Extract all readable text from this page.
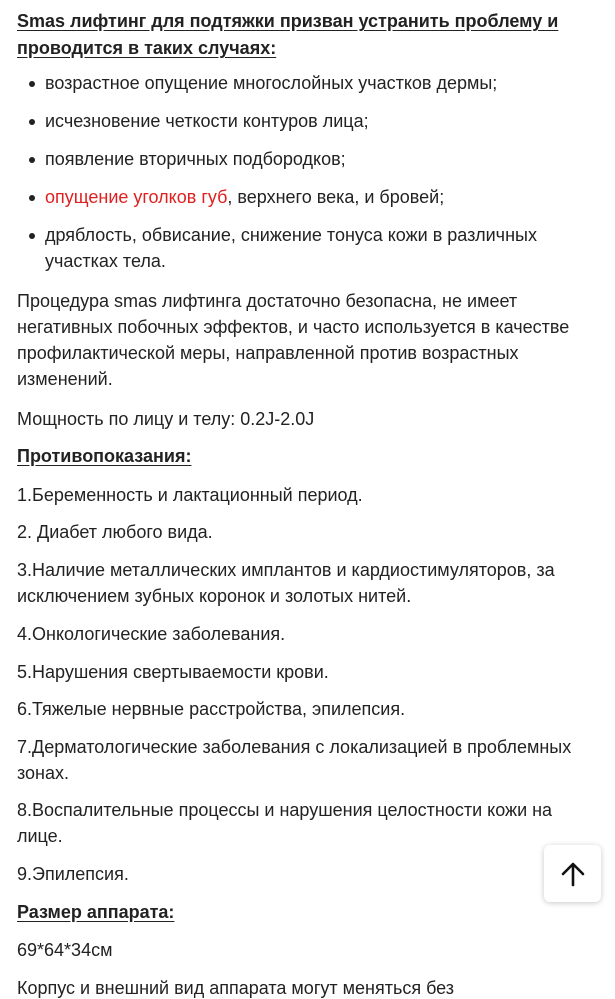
Smas лифтинг для подтяжки призван устранить проблему и проводится в таких случаях:

возрастное опущение многослойных участков дермы;
исчезновение четкости контуров лица;
появление вторичных подбородков;
опущение уголков губ, верхнего века, и бровей;
дряблость, обвисание, снижение тонуса кожи в различных участках тела.

Процедура smas лифтинга достаточно безопасна, не имеет негативных побочных эффектов, и часто используется в качестве профилактической меры, направленной против возрастных изменений.

Мощность по лицу и телу: 0.2J-2.0J

Противопоказания:

1.Беременность и лактационный период.

2. Диабет любого вида.

3.Наличие металлических имплантов и кардиостимуляторов, за исключением зубных коронок и золотых нитей.

4.Онкологические заболевания.

5.Нарушения свертываемости крови.

6.Тяжелые нервные расстройства, эпилепсия.

7.Дерматологические заболевания с локализацией в проблемных зонах.

8.Воспалительные процессы и нарушения целостности кожи на лице.

9.Эпилепсия.

Размер аппарата:

69*64*34см

Корпус и внешний вид аппарата могут меняться без
